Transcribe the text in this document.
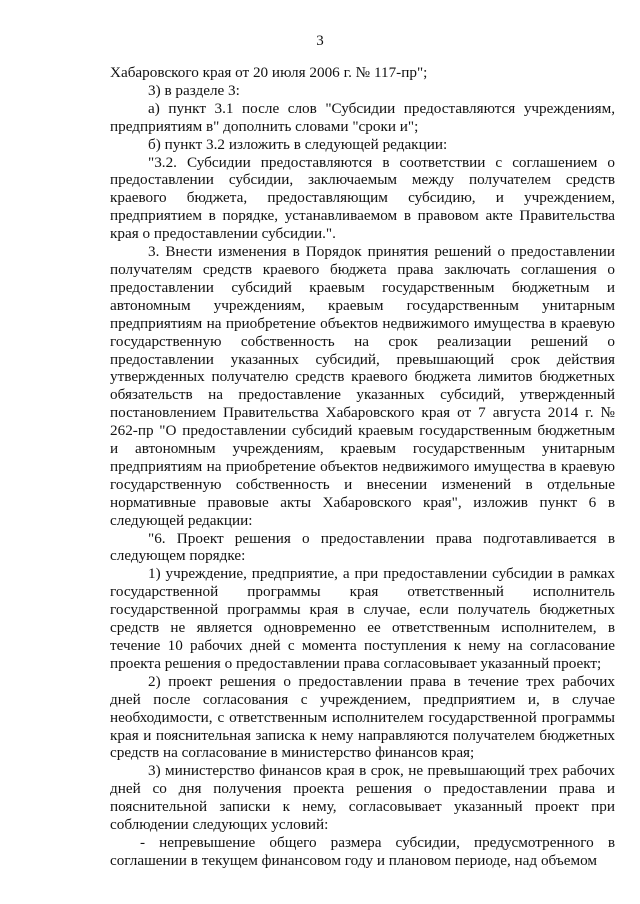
3

Хабаровского края от 20 июля 2006 г. № 117-пр";

3) в разделе 3:

а) пункт 3.1 после слов "Субсидии предоставляются учреждениям, предприятиям в" дополнить словами "сроки и";

б) пункт 3.2 изложить в следующей редакции:

"3.2. Субсидии предоставляются в соответствии с соглашением о предоставлении субсидии, заключаемым между получателем средств краевого бюджета, предоставляющим субсидию, и учреждением, предприятием в порядке, устанавливаемом в правовом акте Правительства края о предоставлении субсидии.".

3. Внести изменения в Порядок принятия решений о предоставлении получателям средств краевого бюджета права заключать соглашения о предоставлении субсидий краевым государственным бюджетным и автономным учреждениям, краевым государственным унитарным предприятиям на приобретение объектов недвижимого имущества в краевую государственную собственность на срок реализации решений о предоставлении указанных субсидий, превышающий срок действия утвержденных получателю средств краевого бюджета лимитов бюджетных обязательств на предоставление указанных субсидий, утвержденный постановлением Правительства Хабаровского края от 7 августа 2014 г. № 262-пр "О предоставлении субсидий краевым государственным бюджетным и автономным учреждениям, краевым государственным унитарным предприятиям на приобретение объектов недвижимого имущества в краевую государственную собственность и внесении изменений в отдельные нормативные правовые акты Хабаровского края", изложив пункт 6 в следующей редакции:

"6. Проект решения о предоставлении права подготавливается в следующем порядке:

1) учреждение, предприятие, а при предоставлении субсидии в рамках государственной программы края ответственный исполнитель государственной программы края в случае, если получатель бюджетных средств не является одновременно ее ответственным исполнителем, в течение 10 рабочих дней с момента поступления к нему на согласование проекта решения о предоставлении права согласовывает указанный проект;

2) проект решения о предоставлении права в течение трех рабочих дней после согласования с учреждением, предприятием и, в случае необходимости, с ответственным исполнителем государственной программы края и пояснительная записка к нему направляются получателем бюджетных средств на согласование в министерство финансов края;

3) министерство финансов края в срок, не превышающий трех рабочих дней со дня получения проекта решения о предоставлении права и пояснительной записки к нему, согласовывает указанный проект при соблюдении следующих условий:

- непревышение общего размера субсидии, предусмотренного в соглашении в текущем финансовом году и плановом периоде, над объемом
